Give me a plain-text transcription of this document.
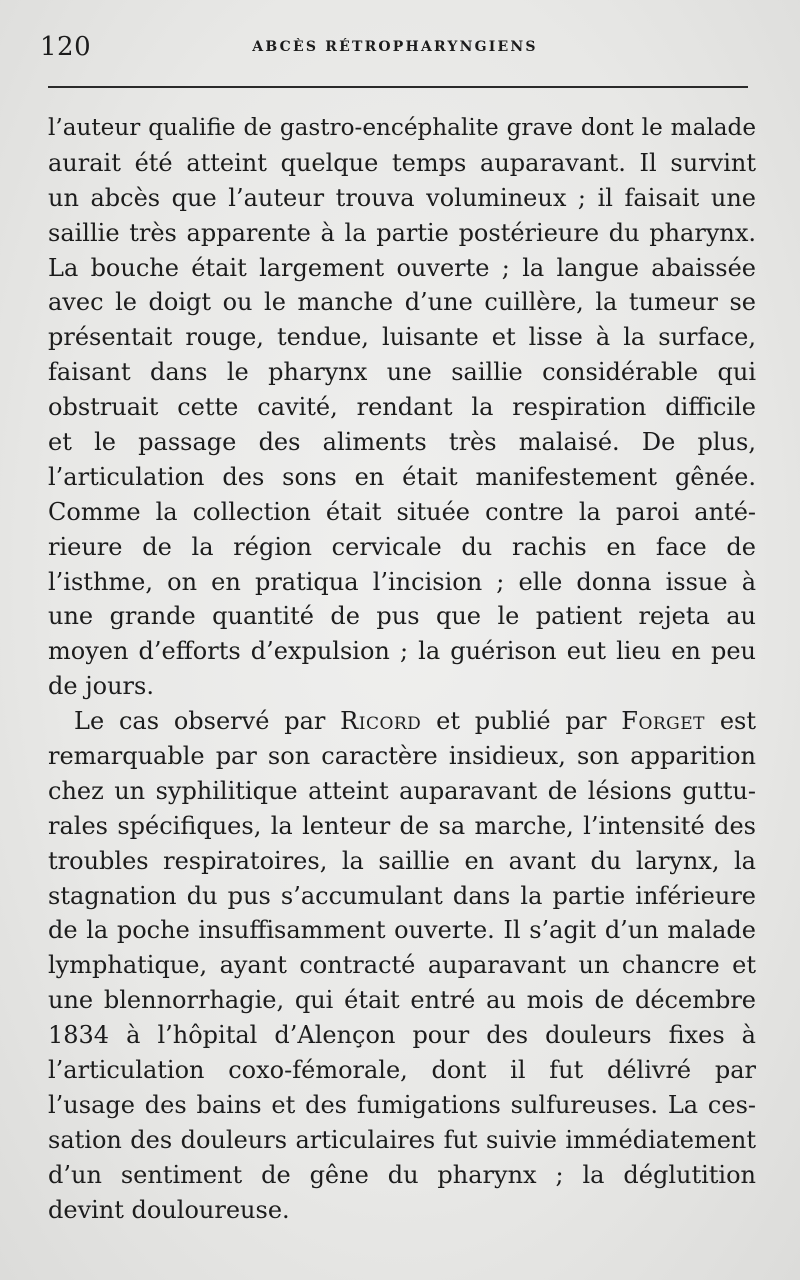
120	ABCÈS RÉTROPHARYNGIENS
l’auteur qualifie de gastro-encéphalite grave dont le malade
aurait été atteint quelque temps auparavant. Il survint
un abcès que l’auteur trouva volumineux ; il faisait une
saillie très apparente à la partie postérieure du pharynx.
La bouche était largement ouverte ; la langue abaissée
avec le doigt ou le manche d’une cuillère, la tumeur se
présentait rouge, tendue, luisante et lisse à la surface,
faisant dans le pharynx une saillie considérable qui
obstruait cette cavité, rendant la respiration difficile
et le passage des aliments très malaisé. De plus,
l’articulation des sons en était manifestement gênée.
Comme la collection était située contre la paroi anté-
rieure de la région cervicale du rachis en face de
l’isthme, on en pratiqua l’incision ; elle donna issue à
une grande quantité de pus que le patient rejeta au
moyen d’efforts d’expulsion ; la guérison eut lieu en peu
de jours.
Le cas observé par Ricord et publié par Forget est
remarquable par son caractère insidieux, son apparition
chez un syphilitique atteint auparavant de lésions guttu-
rales spécifiques, la lenteur de sa marche, l’intensité des
troubles respiratoires, la saillie en avant du larynx, la
stagnation du pus s’accumulant dans la partie inférieure
de la poche insuffisamment ouverte. Il s’agit d’un malade
lymphatique, ayant contracté auparavant un chancre et
une blennorrhagie, qui était entré au mois de décembre
1834 à l’hôpital d’Alençon pour des douleurs fixes à
l’articulation coxo-fémorale, dont il fut délivré par
l’usage des bains et des fumigations sulfureuses. La ces-
sation des douleurs articulaires fut suivie immédiatement
d’un sentiment de gêne du pharynx ; la déglutition
devint douloureuse.
